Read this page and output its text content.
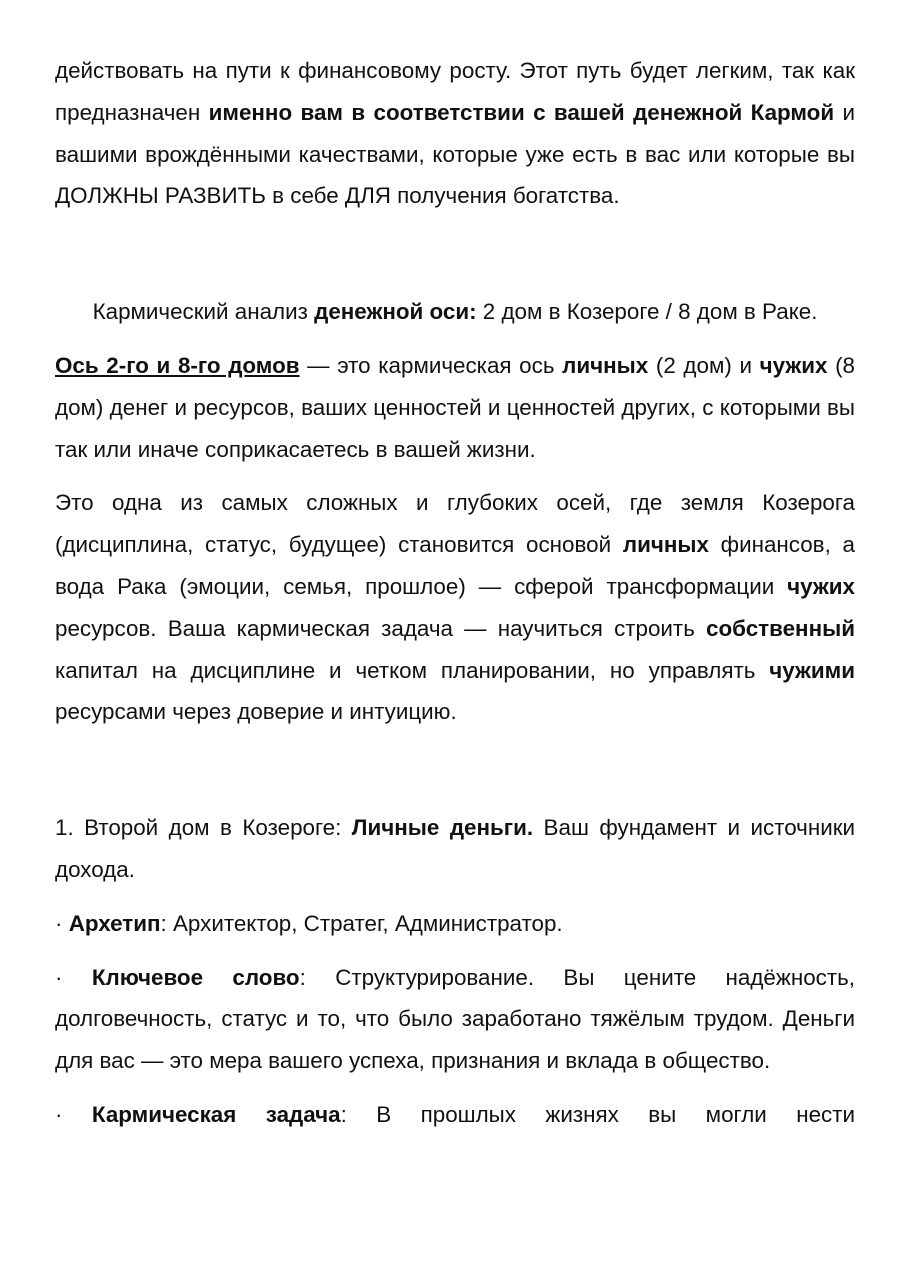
действовать на пути к финансовому росту. Этот путь будет легким, так как предназначен именно вам в соответствии с вашей денежной Кармой и вашими врождёнными качествами, которые уже есть в вас или которые вы ДОЛЖНЫ РАЗВИТЬ в себе ДЛЯ получения богатства.

Кармический анализ денежной оси: 2 дом в Козероге / 8 дом в Раке.

Ось 2-го и 8-го домов — это кармическая ось личных (2 дом) и чужих (8 дом) денег и ресурсов, ваших ценностей и ценностей других, с которыми вы так или иначе соприкасаетесь в вашей жизни.

Это одна из самых сложных и глубоких осей, где земля Козерога (дисциплина, статус, будущее) становится основой личных финансов, а вода Рака (эмоции, семья, прошлое) — сферой трансформации чужих ресурсов. Ваша кармическая задача — научиться строить собственный капитал на дисциплине и четком планировании, но управлять чужими ресурсами через доверие и интуицию.

1. Второй дом в Козероге: Личные деньги. Ваш фундамент и источники дохода.

· Архетип: Архитектор, Стратег, Администратор.

· Ключевое слово: Структурирование. Вы цените надёжность, долговечность, статус и то, что было заработано тяжёлым трудом. Деньги для вас — это мера вашего успеха, признания и вклада в общество.

· Кармическая задача: В прошлых жизнях вы могли нести
